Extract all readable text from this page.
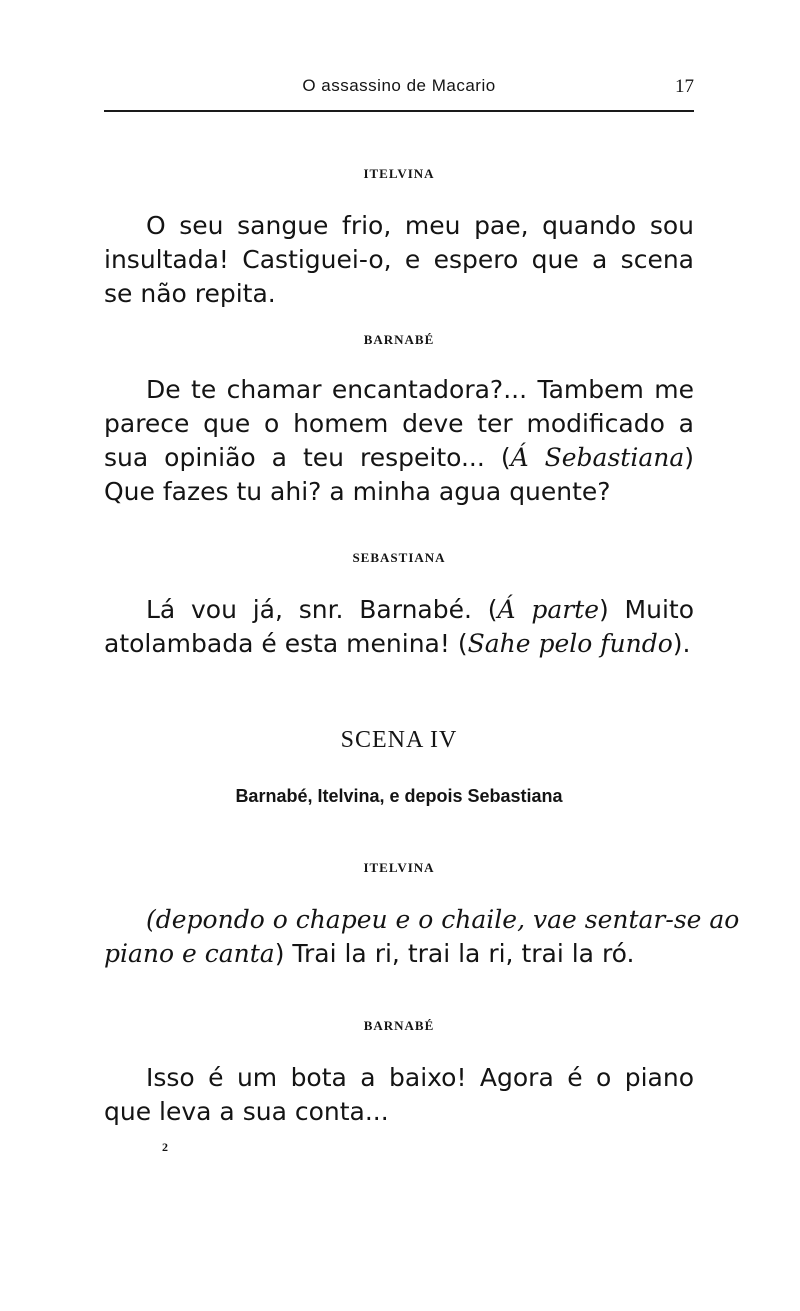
O assassino de Macario	17
ITELVINA
O seu sangue frio, meu pae, quando sou
insultada! Castiguei-o, e espero que a scena
se não repita.
BARNABÉ
De te chamar encantadora?... Tambem me
parece que o homem deve ter modificado a
sua opinião a teu respeito... (Á Sebastiana)
Que fazes tu ahi? a minha agua quente?
SEBASTIANA
Lá vou já, snr. Barnabé. (Á parte) Muito
atolambada é esta menina! (Sahe pelo fundo).
SCENA IV
Barnabé, Itelvina, e depois Sebastiana
ITELVINA
(depondo o chapeu e o chaile, vae sentar-se ao
piano e canta) Trai la ri, trai la ri, trai la ró.
BARNABÉ
Isso é um bota a baixo! Agora é o piano
que leva a sua conta...
2
